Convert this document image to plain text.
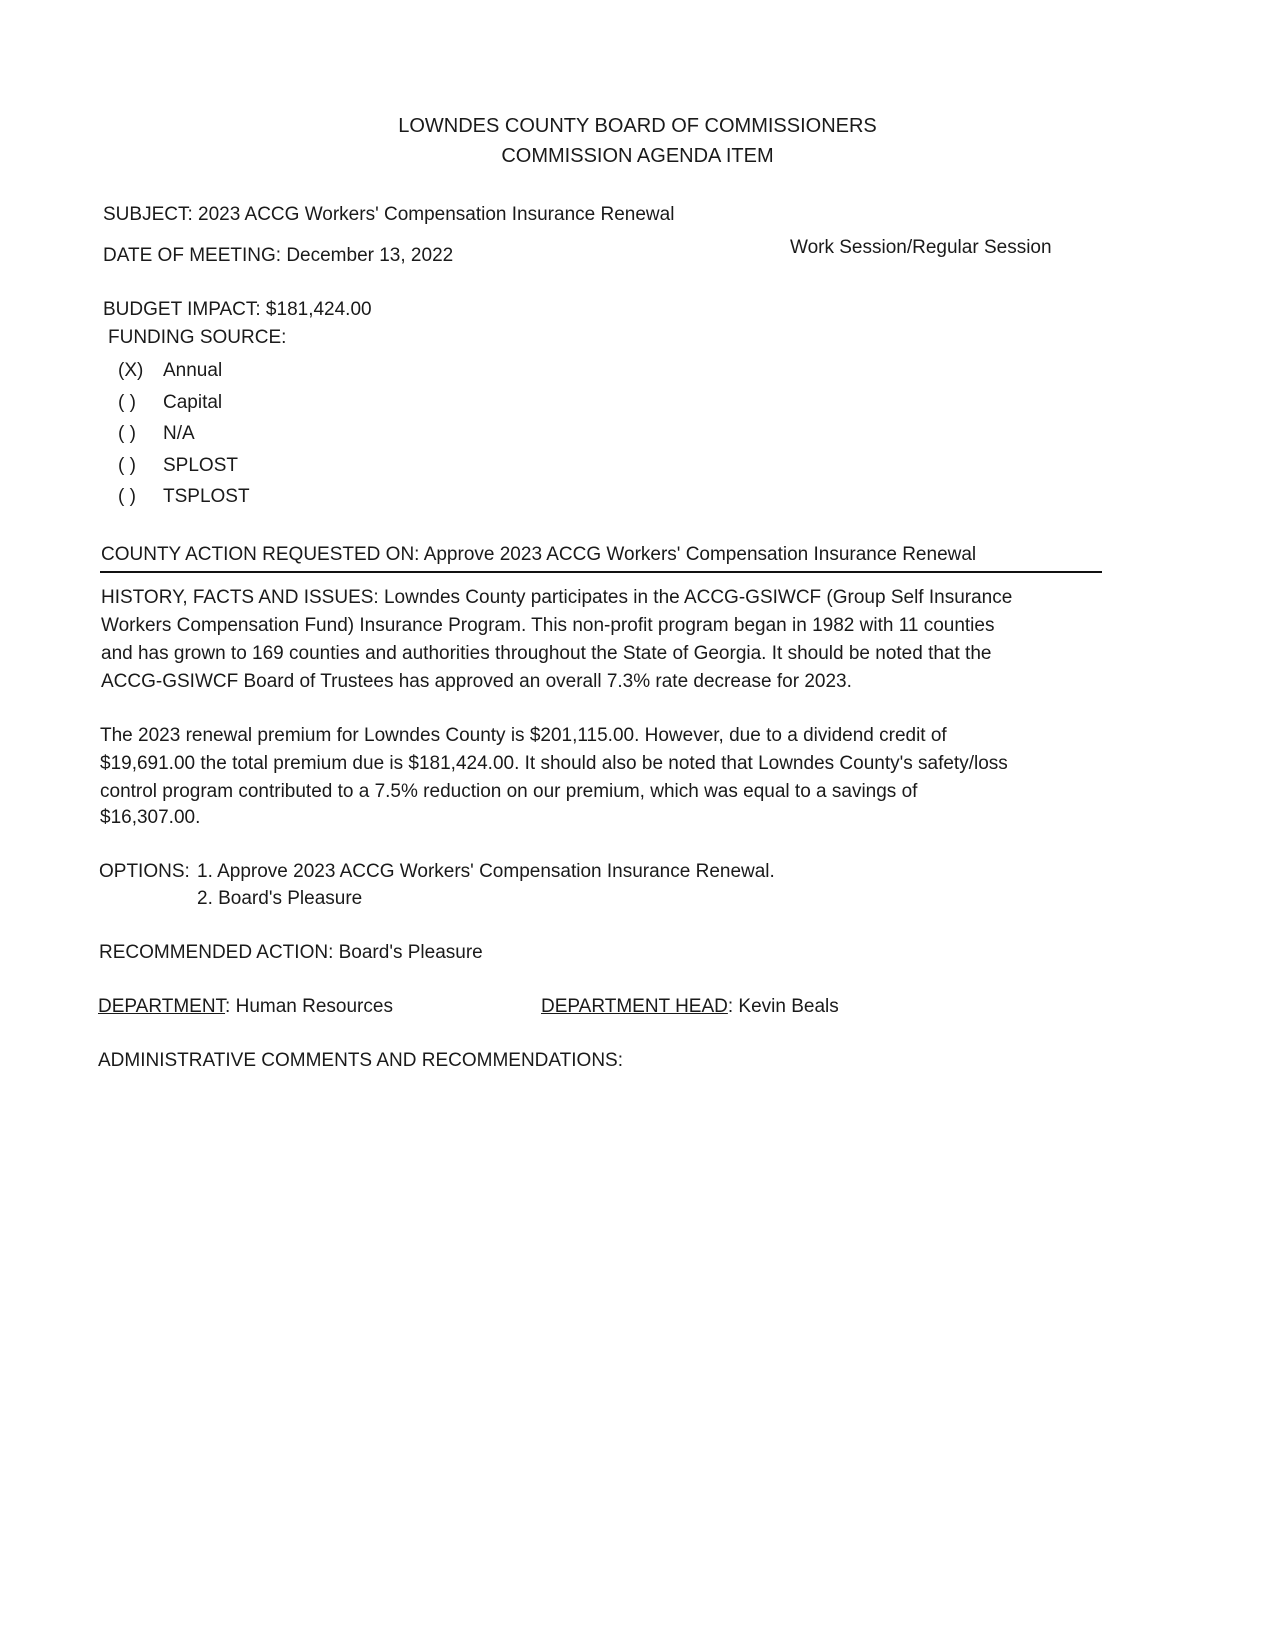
LOWNDES COUNTY BOARD OF COMMISSIONERS
COMMISSION AGENDA ITEM
SUBJECT: 2023 ACCG Workers' Compensation Insurance Renewal
DATE OF MEETING: December 13, 2022	Work Session/Regular Session
BUDGET IMPACT: $181,424.00
FUNDING SOURCE:
(X) Annual
( ) Capital
( ) N/A
( ) SPLOST
( ) TSPLOST
COUNTY ACTION REQUESTED ON: Approve 2023 ACCG Workers' Compensation Insurance Renewal
HISTORY, FACTS AND ISSUES: Lowndes County participates in the ACCG-GSIWCF (Group Self Insurance
Workers Compensation Fund) Insurance Program. This non-profit program began in 1982 with 11 counties
and has grown to 169 counties and authorities throughout the State of Georgia. It should be noted that the
ACCG-GSIWCF Board of Trustees has approved an overall 7.3% rate decrease for 2023.
The 2023 renewal premium for Lowndes County is $201,115.00. However, due to a dividend credit of
$19,691.00 the total premium due is $181,424.00. It should also be noted that Lowndes County's safety/loss
control program contributed to a 7.5% reduction on our premium, which was equal to a savings of
$16,307.00.
OPTIONS: 1. Approve 2023 ACCG Workers' Compensation Insurance Renewal.
2. Board's Pleasure
RECOMMENDED ACTION: Board's Pleasure
DEPARTMENT: Human Resources	DEPARTMENT HEAD: Kevin Beals
ADMINISTRATIVE COMMENTS AND RECOMMENDATIONS:
